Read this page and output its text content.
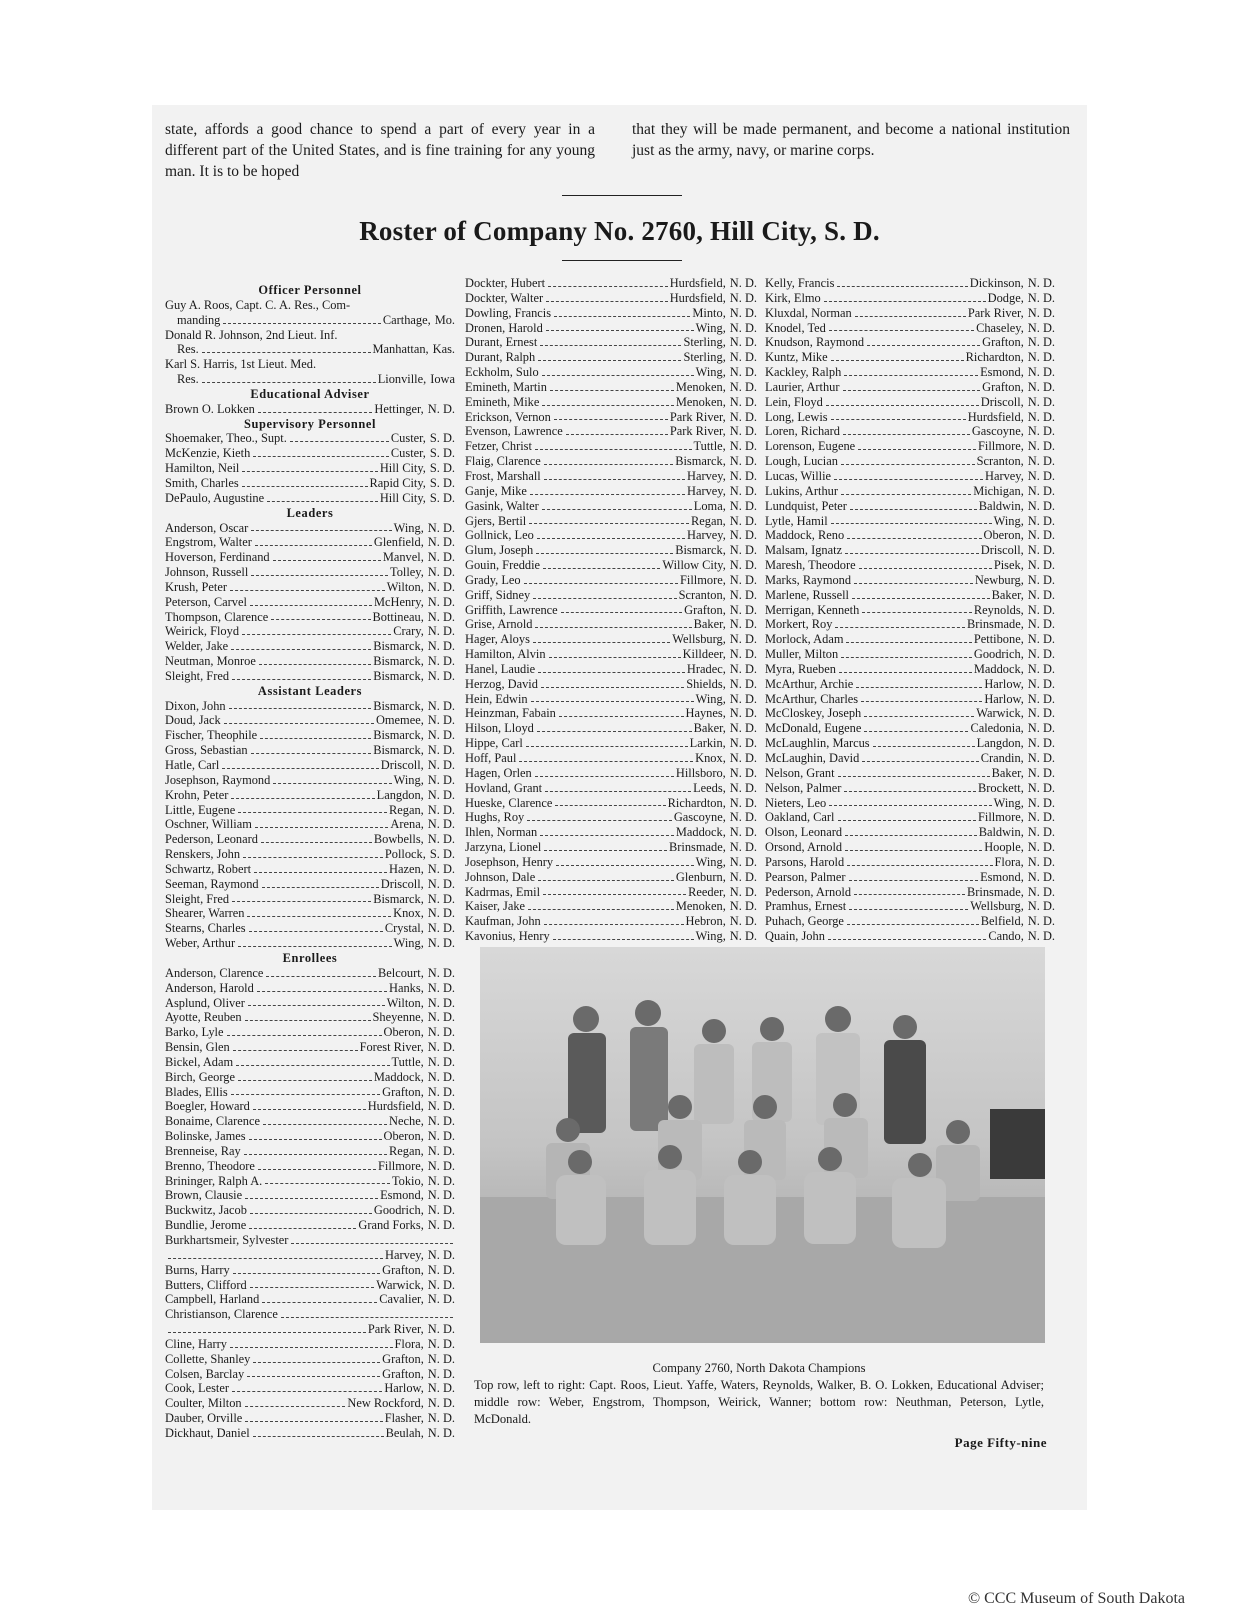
state, affords a good chance to spend a part of every year in a different part of the United States, and is fine training for any young man. It is to be hoped
that they will be made permanent, and become a national institution just as the army, navy, or marine corps.
Roster of Company No. 2760, Hill City, S. D.
Officer Personnel
Guy A. Roos, Capt. C. A. Res., Com-
manding	Carthage, Mo.
Donald R. Johnson, 2nd Lieut. Inf.
Res.	Manhattan, Kas.
Karl S. Harris, 1st Lieut. Med.
Res.	Lionville, Iowa
Educational Adviser
Brown O. Lokken	Hettinger, N. D.
Supervisory Personnel
Shoemaker, Theo., Supt.	Custer, S. D.
McKenzie, Kieth	Custer, S. D.
Hamilton, Neil	Hill City, S. D.
Smith, Charles	Rapid City, S. D.
DePaulo, Augustine	Hill City, S. D.
Leaders
Anderson, Oscar	Wing, N. D.
Engstrom, Walter	Glenfield, N. D.
Hoverson, Ferdinand	Manvel, N. D.
Johnson, Russell	Tolley, N. D.
Krush, Peter	Wilton, N. D.
Peterson, Carvel	McHenry, N. D.
Thompson, Clarence	Bottineau, N. D.
Weirick, Floyd	Crary, N. D.
Welder, Jake	Bismarck, N. D.
Neutman, Monroe	Bismarck, N. D.
Sleight, Fred	Bismarck, N. D.
Assistant Leaders
Dixon, John	Bismarck, N. D.
Doud, Jack	Omemee, N. D.
Fischer, Theophile	Bismarck, N. D.
Gross, Sebastian	Bismarck, N. D.
Hatle, Carl	Driscoll, N. D.
Josephson, Raymond	Wing, N. D.
Krohn, Peter	Langdon, N. D.
Little, Eugene	Regan, N. D.
Oschner, William	Arena, N. D.
Pederson, Leonard	Bowbells, N. D.
Renskers, John	Pollock, S. D.
Schwartz, Robert	Hazen, N. D.
Seeman, Raymond	Driscoll, N. D.
Sleight, Fred	Bismarck, N. D.
Shearer, Warren	Knox, N. D.
Stearns, Charles	Crystal, N. D.
Weber, Arthur	Wing, N. D.
Enrollees
Anderson, Clarence	Belcourt, N. D.
Anderson, Harold	Hanks, N. D.
Asplund, Oliver	Wilton, N. D.
Ayotte, Reuben	Sheyenne, N. D.
Barko, Lyle	Oberon, N. D.
Bensin, Glen	Forest River, N. D.
Bickel, Adam	Tuttle, N. D.
Birch, George	Maddock, N. D.
Blades, Ellis	Grafton, N. D.
Boegler, Howard	Hurdsfield, N. D.
Bonaime, Clarence	Neche, N. D.
Bolinske, James	Oberon, N. D.
Brenneise, Ray	Regan, N. D.
Brenno, Theodore	Fillmore, N. D.
Brininger, Ralph A.	Tokio, N. D.
Brown, Clausie	Esmond, N. D.
Buckwitz, Jacob	Goodrich, N. D.
Bundlie, Jerome	Grand Forks, N. D.
Burkhartsmeir, Sylvester
Harvey, N. D.
Burns, Harry	Grafton, N. D.
Butters, Clifford	Warwick, N. D.
Campbell, Harland	Cavalier, N. D.
Christianson, Clarence
Park River, N. D.
Cline, Harry	Flora, N. D.
Collette, Shanley	Grafton, N. D.
Colsen, Barclay	Grafton, N. D.
Cook, Lester	Harlow, N. D.
Coulter, Milton	New Rockford, N. D.
Dauber, Orville	Flasher, N. D.
Dickhaut, Daniel	Beulah, N. D.
Dockter, Hubert	Hurdsfield, N. D.
Dockter, Walter	Hurdsfield, N. D.
Dowling, Francis	Minto, N. D.
Dronen, Harold	Wing, N. D.
Durant, Ernest	Sterling, N. D.
Durant, Ralph	Sterling, N. D.
Eckholm, Sulo	Wing, N. D.
Emineth, Martin	Menoken, N. D.
Emineth, Mike	Menoken, N. D.
Erickson, Vernon	Park River, N. D.
Evenson, Lawrence	Park River, N. D.
Fetzer, Christ	Tuttle, N. D.
Flaig, Clarence	Bismarck, N. D.
Frost, Marshall	Harvey, N. D.
Ganje, Mike	Harvey, N. D.
Gasink, Walter	Loma, N. D.
Gjers, Bertil	Regan, N. D.
Gollnick, Leo	Harvey, N. D.
Glum, Joseph	Bismarck, N. D.
Gouin, Freddie	Willow City, N. D.
Grady, Leo	Fillmore, N. D.
Griff, Sidney	Scranton, N. D.
Griffith, Lawrence	Grafton, N. D.
Grise, Arnold	Baker, N. D.
Hager, Aloys	Wellsburg, N. D.
Hamilton, Alvin	Killdeer, N. D.
Hanel, Laudie	Hradec, N. D.
Herzog, David	Shields, N. D.
Hein, Edwin	Wing, N. D.
Heinzman, Fabain	Haynes, N. D.
Hilson, Lloyd	Baker, N. D.
Hippe, Carl	Larkin, N. D.
Hoff, Paul	Knox, N. D.
Hagen, Orlen	Hillsboro, N. D.
Hovland, Grant	Leeds, N. D.
Hueske, Clarence	Richardton, N. D.
Hughs, Roy	Gascoyne, N. D.
Ihlen, Norman	Maddock, N. D.
Jarzyna, Lionel	Brinsmade, N. D.
Josephson, Henry	Wing, N. D.
Johnson, Dale	Glenburn, N. D.
Kadrmas, Emil	Reeder, N. D.
Kaiser, Jake	Menoken, N. D.
Kaufman, John	Hebron, N. D.
Kavonius, Henry	Wing, N. D.
Kelly, Francis	Dickinson, N. D.
Kirk, Elmo	Dodge, N. D.
Kluxdal, Norman	Park River, N. D.
Knodel, Ted	Chaseley, N. D.
Knudson, Raymond	Grafton, N. D.
Kuntz, Mike	Richardton, N. D.
Kackley, Ralph	Esmond, N. D.
Laurier, Arthur	Grafton, N. D.
Lein, Floyd	Driscoll, N. D.
Long, Lewis	Hurdsfield, N. D.
Loren, Richard	Gascoyne, N. D.
Lorenson, Eugene	Fillmore, N. D.
Lough, Lucian	Scranton, N. D.
Lucas, Willie	Harvey, N. D.
Lukins, Arthur	Michigan, N. D.
Lundquist, Peter	Baldwin, N. D.
Lytle, Hamil	Wing, N. D.
Maddock, Reno	Oberon, N. D.
Malsam, Ignatz	Driscoll, N. D.
Maresh, Theodore	Pisek, N. D.
Marks, Raymond	Newburg, N. D.
Marlene, Russell	Baker, N. D.
Merrigan, Kenneth	Reynolds, N. D.
Morkert, Roy	Brinsmade, N. D.
Morlock, Adam	Pettibone, N. D.
Muller, Milton	Goodrich, N. D.
Myra, Rueben	Maddock, N. D.
McArthur, Archie	Harlow, N. D.
McArthur, Charles	Harlow, N. D.
McCloskey, Joseph	Warwick, N. D.
McDonald, Eugene	Caledonia, N. D.
McLaughlin, Marcus	Langdon, N. D.
McLaughin, David	Crandin, N. D.
Nelson, Grant	Baker, N. D.
Nelson, Palmer	Brockett, N. D.
Nieters, Leo	Wing, N. D.
Oakland, Carl	Fillmore, N. D.
Olson, Leonard	Baldwin, N. D.
Orsond, Arnold	Hoople, N. D.
Parsons, Harold	Flora, N. D.
Pearson, Palmer	Esmond, N. D.
Pederson, Arnold	Brinsmade, N. D.
Pramhus, Ernest	Wellsburg, N. D.
Puhach, George	Belfield, N. D.
Quain, John	Cando, N. D.
Company 2760, North Dakota Champions
Top row, left to right: Capt. Roos, Lieut. Yaffe, Waters, Reynolds, Walker, B. O. Lokken, Educational Adviser; middle row: Weber, Engstrom, Thompson, Weirick, Wanner; bottom row: Neuthman, Peterson, Lytle, McDonald.
Page Fifty-nine
© CCC Museum of South Dakota
